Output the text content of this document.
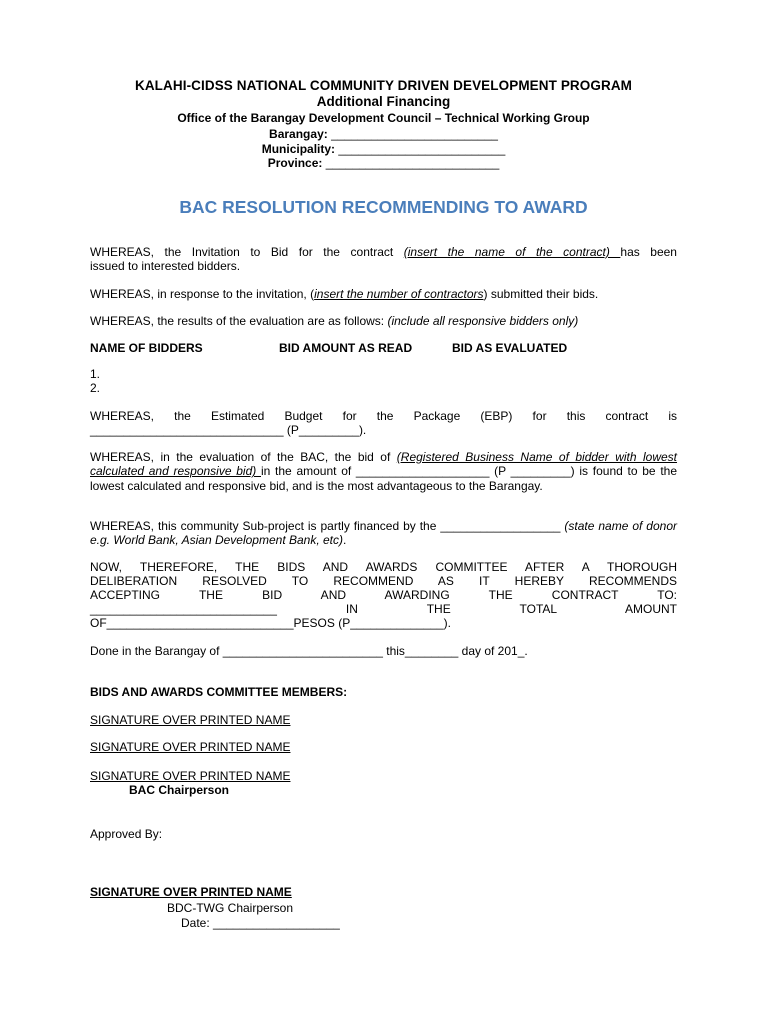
KALAHI-CIDSS NATIONAL COMMUNITY DRIVEN DEVELOPMENT PROGRAM
Additional Financing
Office of the Barangay Development Council – Technical Working Group
Barangay: _________________________
Municipality: _________________________
Province: __________________________
BAC RESOLUTION RECOMMENDING TO AWARD

WHEREAS, the Invitation to Bid for the contract (insert the name of the contract) has been

issued to interested bidders.

WHEREAS, in response to the invitation, (insert the number of contractors) submitted their bids.

WHEREAS, the results of the evaluation are as follows: (include all responsive bidders only)

NAME OF BIDDERS	BID AMOUNT AS READ	BID AS EVALUATED
1.
2.

WHEREAS, the Estimated Budget for the Package (EBP) for this contract is

_____________________________ (P_________).

WHEREAS, in the evaluation of the BAC, the bid of (Registered Business Name of bidder with lowest calculated and responsive bid) in the amount of ____________________ (P _________) is found to be the lowest calculated and responsive bid, and is the most advantageous to the Barangay.

WHEREAS, this community Sub-project is partly financed by the __________________ (state name of donor e.g. World Bank, Asian Development Bank, etc).

NOW, THEREFORE, THE BIDS AND AWARDS COMMITTEE AFTER A THOROUGH

DELIBERATION RESOLVED TO RECOMMEND AS IT HEREBY RECOMMENDS

ACCEPTING THE BID AND AWARDING THE CONTRACT TO:

____________________________ IN THE TOTAL AMOUNT

OF____________________________PESOS (P______________).

Done in the Barangay of ________________________ this________ day of 201_.

BIDS AND AWARDS COMMITTEE MEMBERS:
SIGNATURE OVER PRINTED NAME
SIGNATURE OVER PRINTED NAME
SIGNATURE OVER PRINTED NAME
BAC Chairperson
Approved By:
SIGNATURE OVER PRINTED NAME
BDC-TWG Chairperson
Date: ___________________
